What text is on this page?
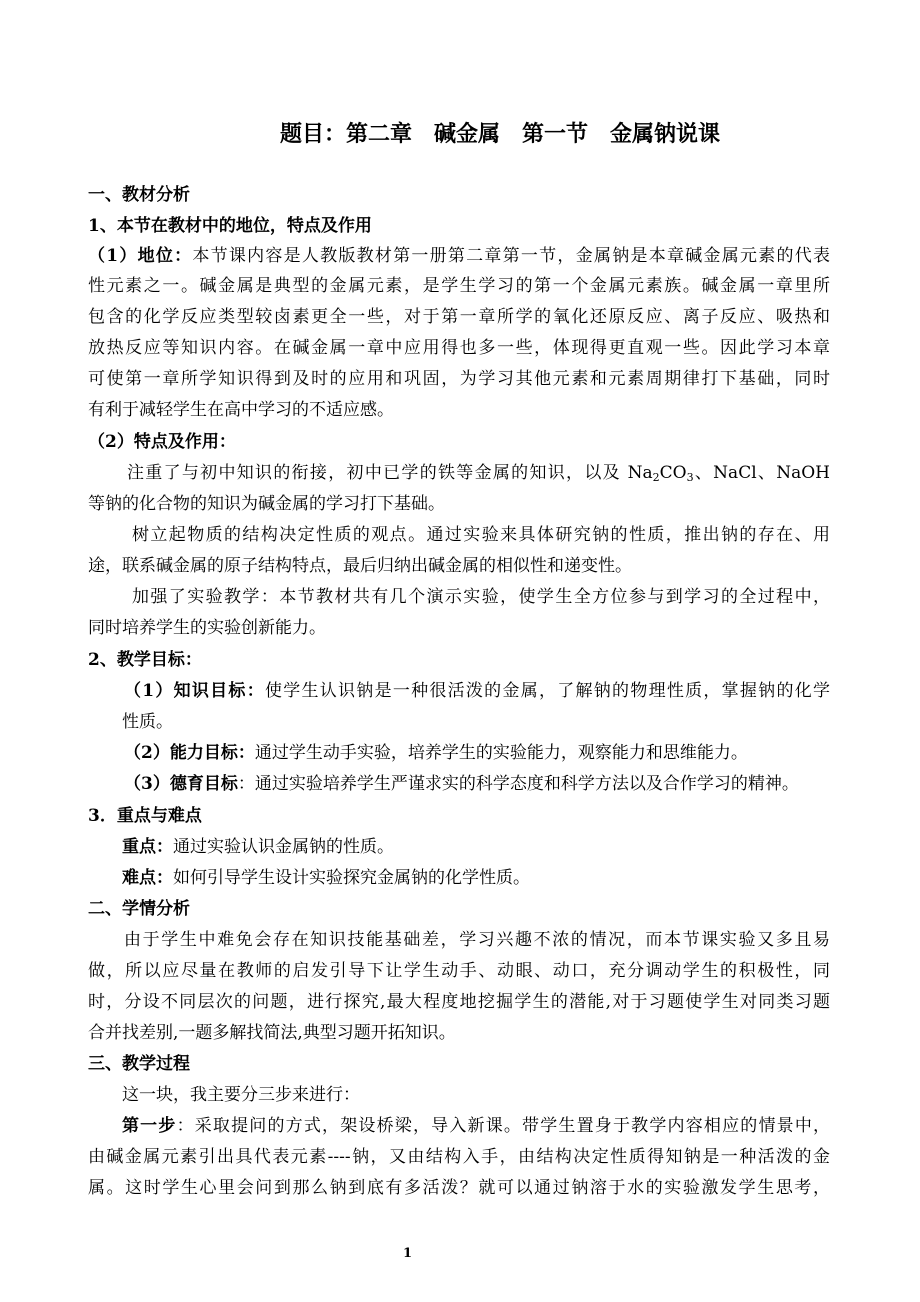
题目：第二章　碱金属　第一节　金属钠说课
一、教材分析
1、本节在教材中的地位，特点及作用
（1）地位：本节课内容是人教版教材第一册第二章第一节，金属钠是本章碱金属元素的代表
性元素之一。碱金属是典型的金属元素，是学生学习的第一个金属元素族。碱金属一章里所
包含的化学反应类型较卤素更全一些，对于第一章所学的氧化还原反应、离子反应、吸热和
放热反应等知识内容。在碱金属一章中应用得也多一些，体现得更直观一些。因此学习本章
可使第一章所学知识得到及时的应用和巩固，为学习其他元素和元素周期律打下基础，同时
有利于减轻学生在高中学习的不适应感。
（2）特点及作用：
注重了与初中知识的衔接，初中已学的铁等金属的知识，以及 $Na_2CO_3$、NaCl、NaOH
等钠的化合物的知识为碱金属的学习打下基础。
树立起物质的结构决定性质的观点。通过实验来具体研究钠的性质，推出钠的存在、用
途，联系碱金属的原子结构特点，最后归纳出碱金属的相似性和递变性。
加强了实验教学：本节教材共有几个演示实验，使学生全方位参与到学习的全过程中，
同时培养学生的实验创新能力。
2、教学目标：
（1）知识目标：使学生认识钠是一种很活泼的金属，了解钠的物理性质，掌握钠的化学
性质。
（2）能力目标：通过学生动手实验，培养学生的实验能力，观察能力和思维能力。
（3）德育目标：通过实验培养学生严谨求实的科学态度和科学方法以及合作学习的精神。
3．重点与难点
重点：通过实验认识金属钠的性质。
难点：如何引导学生设计实验探究金属钠的化学性质。
二、学情分析
由于学生中难免会存在知识技能基础差，学习兴趣不浓的情况，而本节课实验又多且易
做，所以应尽量在教师的启发引导下让学生动手、动眼、动口，充分调动学生的积极性，同
时，分设不同层次的问题，进行探究,最大程度地挖掘学生的潜能,对于习题使学生对同类习题
合并找差别,一题多解找简法,典型习题开拓知识。
三、教学过程
这一块，我主要分三步来进行：
第一步：采取提问的方式，架设桥梁，导入新课。带学生置身于教学内容相应的情景中，
由碱金属元素引出具代表元素----钠，又由结构入手，由结构决定性质得知钠是一种活泼的金
属。这时学生心里会问到那么钠到底有多活泼？就可以通过钠溶于水的实验激发学生思考，
1
